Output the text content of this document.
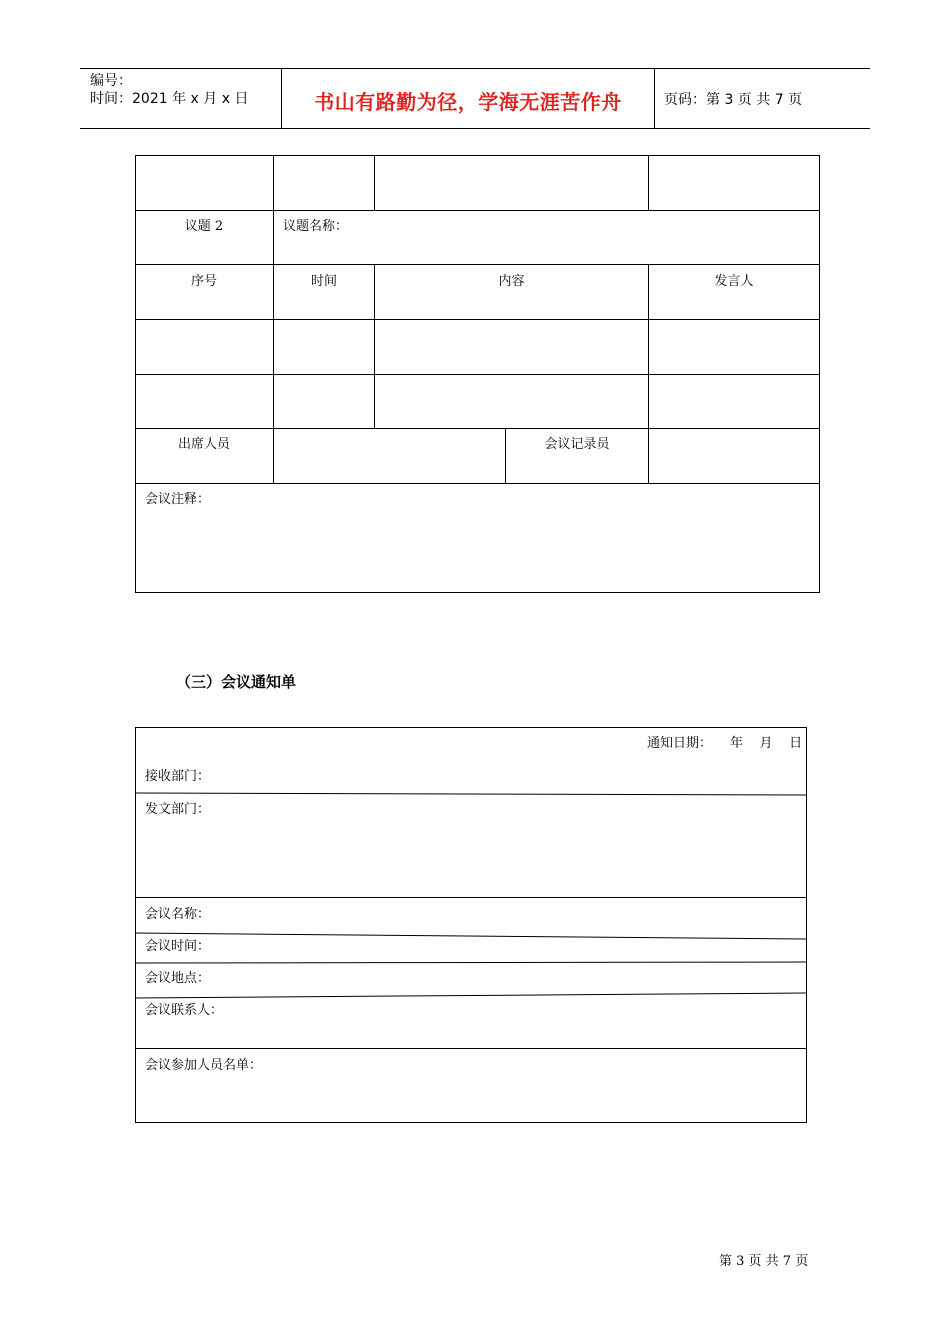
编号：
时间：2021 年 x 月 x 日	书山有路勤为径，学海无涯苦作舟	页码：第 3 页 共 7 页
议题 2	议题名称：
序号	时间	内容	发言人
出席人员	会议记录员
会议注释：
（三）会议通知单
通知日期： 年    月    日
接收部门：
发文部门：
会议名称：
会议时间：
会议地点：
会议联系人：
会议参加人员名单：
第 3 页 共 7 页
